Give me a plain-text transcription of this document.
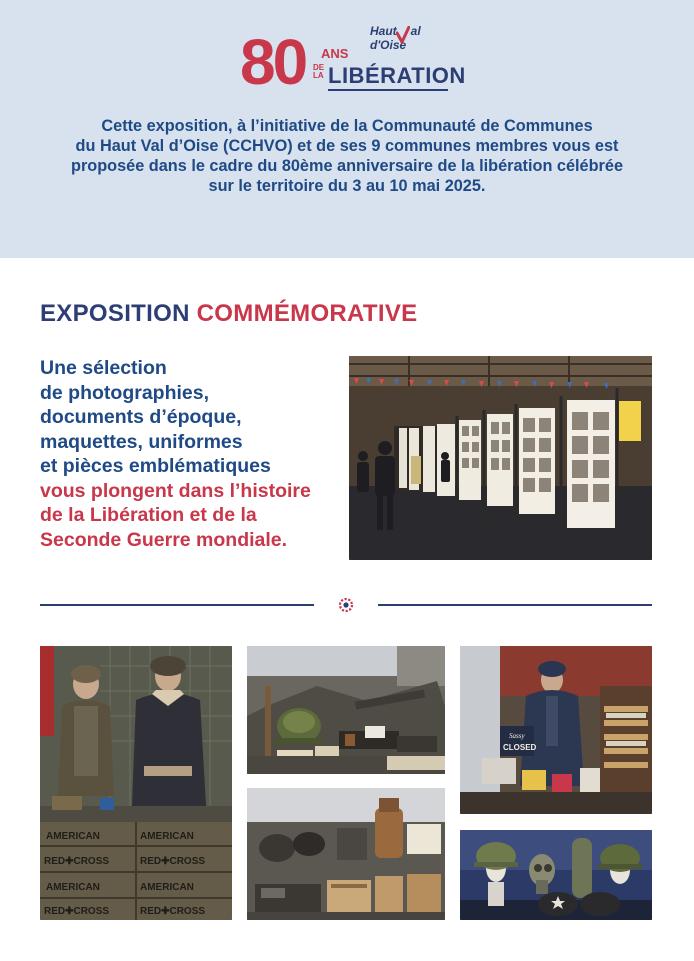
80 ANS
DE LA LIBÉRATION
Haut al d'Oise
Cette exposition, à l’initiative de la Communauté de Communes
du Haut Val d’Oise (CCHVO) et de ses 9 communes membres vous est
proposée dans le cadre du 80ème anniversaire de la libération célébrée
sur le territoire du 3 au 10 mai 2025.
EXPOSITION COMMÉMORATIVE
Une sélection
de photographies,
documents d’époque,
maquettes, uniformes
et pièces emblématiques
vous plongent dans l’histoire
de la Libération et de la
Seconde Guerre mondiale.
AMERICAN	AMERICAN
RED✚CROSS	RED✚CROSS
AMERICAN	AMERICAN
RED✚CROSS	RED✚CROSS
Sassy
CLOSED
